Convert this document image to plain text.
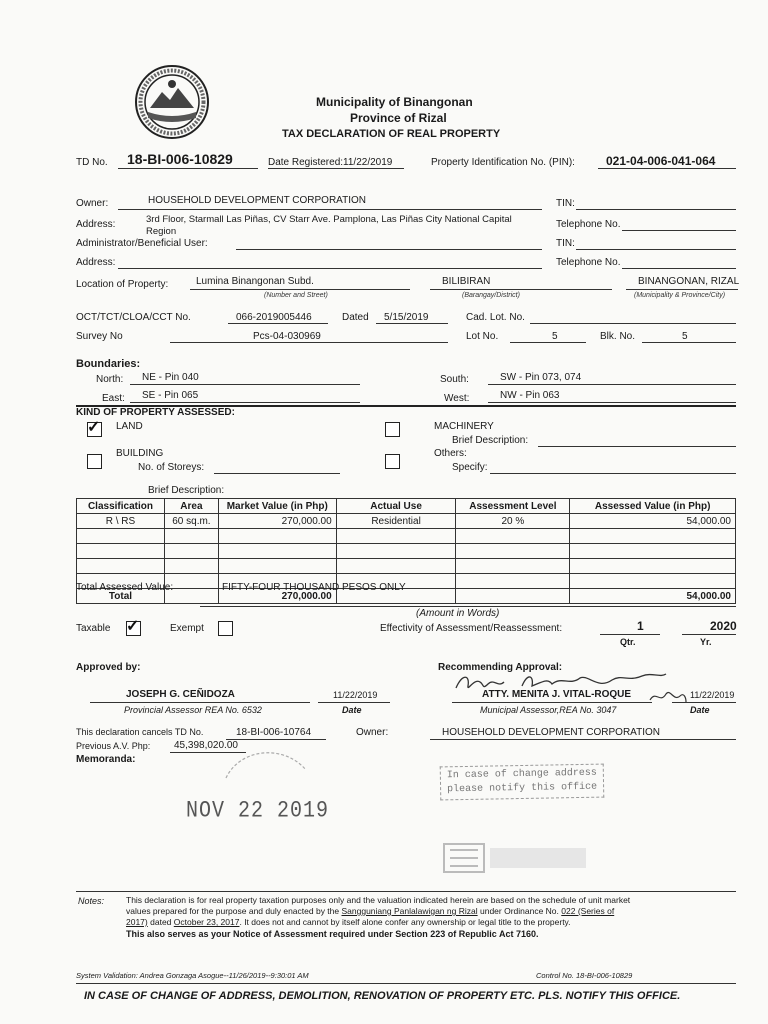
Municipality of Binangonan
Province of Rizal
TAX DECLARATION OF REAL PROPERTY
TD No. 18-BI-006-10829	Date Registered:11/22/2019	Property Identification No. (PIN):	021-04-006-041-064
Owner:	HOUSEHOLD DEVELOPMENT CORPORATION	TIN:
Address:	3rd Floor, Starmall Las Piñas, CV Starr Ave. Pamplona, Las Piñas City National Capital
Region
Telephone No.
Administrator/Beneficial User:	TIN:
Address:	Telephone No.
Location of Property:	Lumina Binangonan Subd.	BILIBIRAN	BINANGONAN, RIZAL
(Number and Street)	(Barangay/District)	(Municipality & Province/City)
OCT/TCT/CLOA/CCT No.	066-2019005446	Dated 5/15/2019	Cad. Lot. No.
Survey No	Pcs-04-030969	Lot No.	5	Blk. No.	5
Boundaries:
North: NE - Pin 040	South:	SW - Pin 073, 074
East: SE - Pin 065	West:	NW - Pin 063
KIND OF PROPERTY ASSESSED:
✓ LAND	MACHINERY
Brief Description:
BUILDING
No. of Storeys:
Others:
Specify:
Brief Description:
Classification	Area	Market Value (in Php)	Actual Use	Assessment Level	Assessed Value (in Php)
R \ RS	60 sq.m.	270,000.00	Residential	20 %	54,000.00

Total		270,000.00			54,000.00
Total Assessed Value:	FIFTY-FOUR THOUSAND PESOS ONLY
(Amount in Words)
Taxable ✓	Exempt	Effectivity of Assessment/Reassessment:	1	2020
Qtr.	Yr.
Approved by:	Recommending Approval:
JOSEPH G. CEÑIDOZA	11/22/2019
Provincial Assessor REA No. 6532	Date
ATTY. MENITA J. VITAL-ROQUE	11/22/2019
Municipal Assessor,REA No. 3047	Date
This declaration cancels TD No.	18-BI-006-10764	Owner:	HOUSEHOLD DEVELOPMENT CORPORATION
Previous A.V. Php: 45,398,020.00
Memoranda:
NOV 22 2019
In case of change address
please notify this office
Notes:	This declaration is for real property taxation purposes only and the valuation indicated herein are based on the schedule of unit market
values prepared for the purpose and duly enacted by the Sangguniang Panlalawigan ng Rizal under Ordinance No. 022 (Series of
2017) dated October 23, 2017. It does not and cannot by itself alone confer any ownership or legal title to the property.
This also serves as your Notice of Assessment required under Section 223 of Republic Act 7160.
System Validation: Andrea Gonzaga Asogue--11/26/2019--9:30:01 AM	Control No. 18-BI-006-10829
IN CASE OF CHANGE OF ADDRESS, DEMOLITION, RENOVATION OF PROPERTY ETC. PLS. NOTIFY THIS OFFICE.
